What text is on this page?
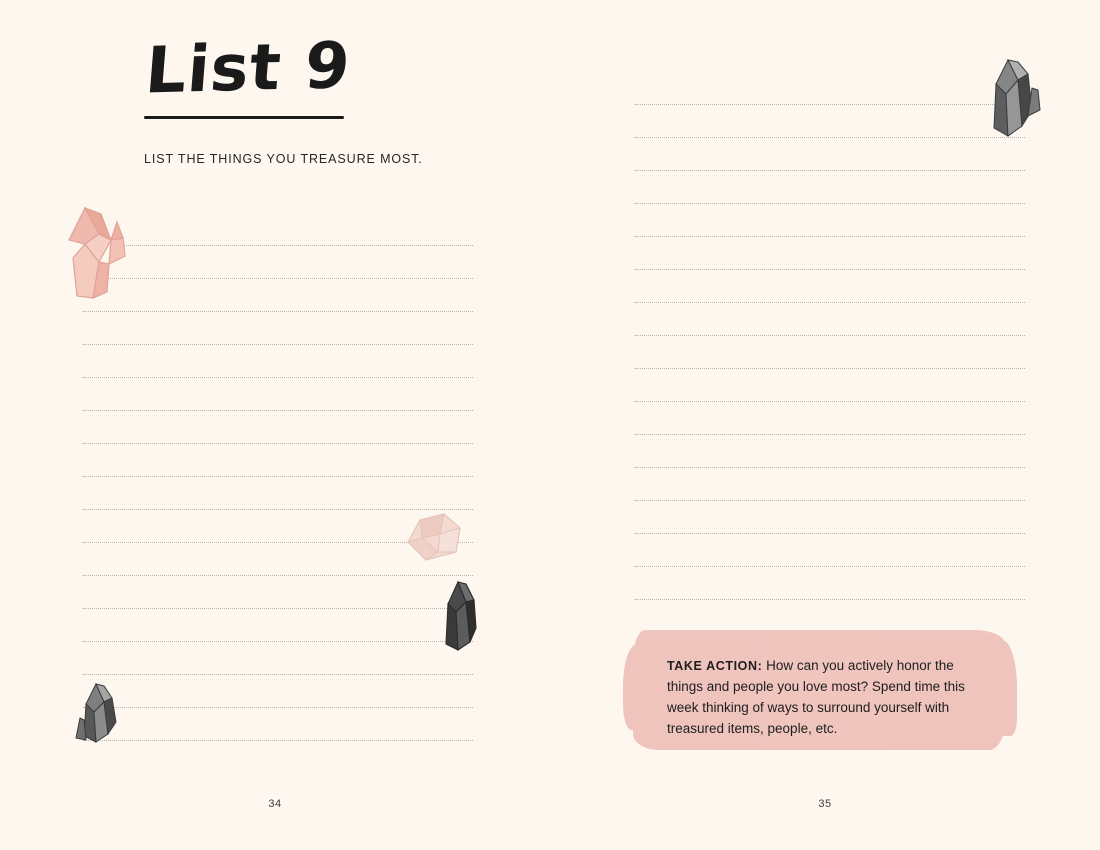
List 9
LIST THE THINGS YOU TREASURE MOST.
34
TAKE ACTION: How can you actively honor the things and people you love most? Spend time this week thinking of ways to surround yourself with treasured items, people, etc.
35
